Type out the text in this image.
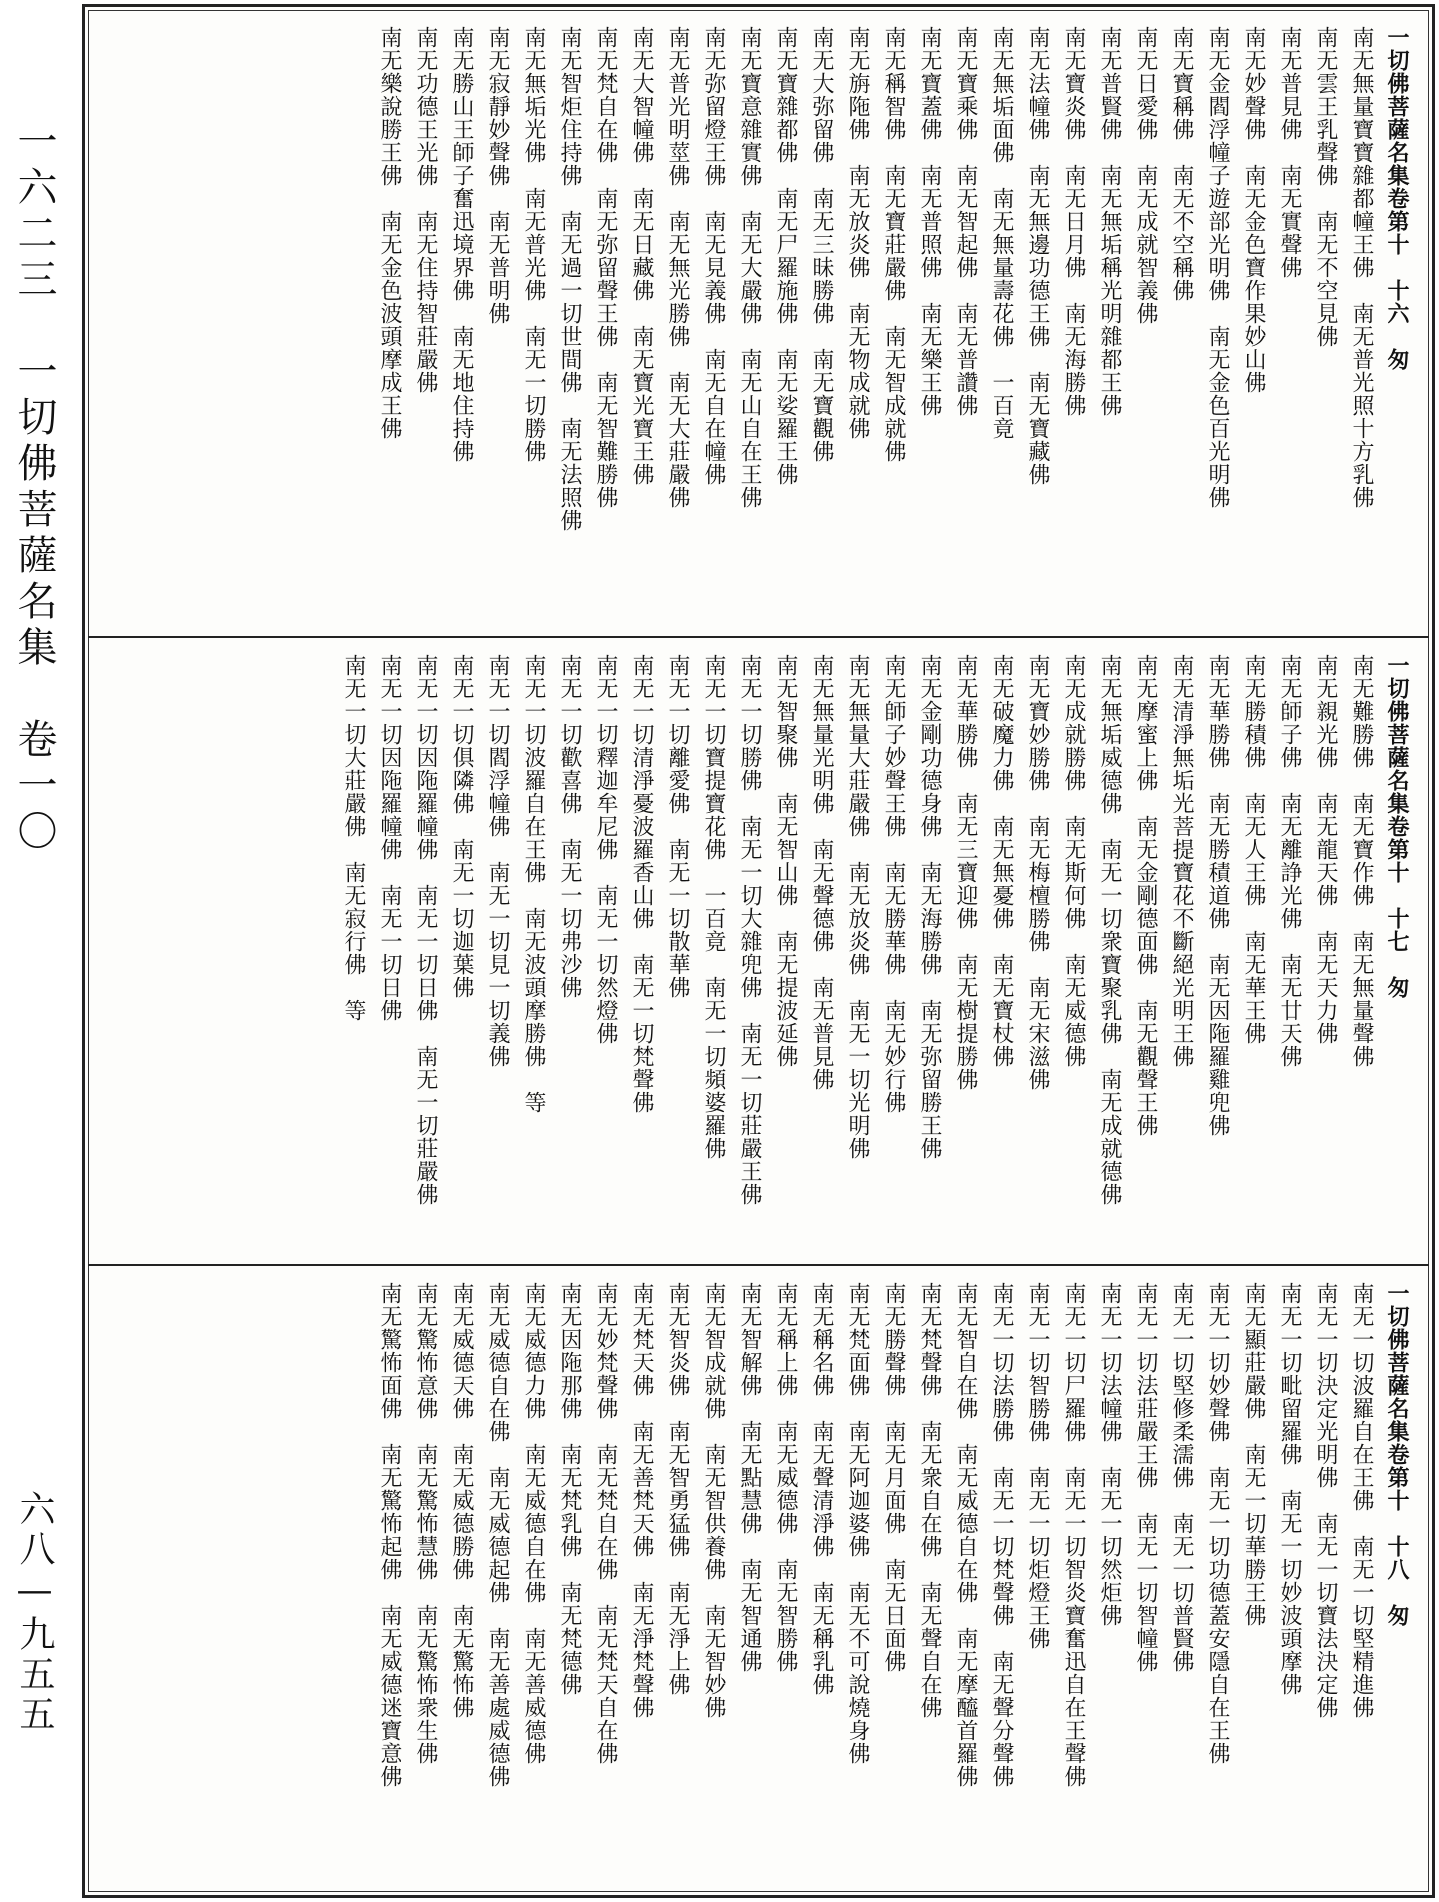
一六二三　一切佛菩薩名集　卷一〇
六八—九五五
一切佛菩薩名集卷第十　十六　匆
南无無量寶寶雜都幢王佛　南无普光照十方乳佛
南无雲王乳聲佛　南无不空見佛
南无普見佛　南无實聲佛
南无妙聲佛　南无金色寶作果妙山佛
南无金閻浮幢子遊部光明佛　南无金色百光明佛
南无寶稱佛　南无不空稱佛
南无日愛佛　南无成就智義佛
南无普賢佛　南无無垢稱光明雜都王佛
南无寶炎佛　南无日月佛　南无海勝佛
南无法幢佛　南无無邊功德王佛　南无寶藏佛
南无無垢面佛　南无無量壽花佛　一百竟
南无寶乘佛　南无智起佛　南无普讚佛
南无寶蓋佛　南无普照佛　南无樂王佛
南无稱智佛　南无寶莊嚴佛　南无智成就佛
南无旃陁佛　南无放炎佛　南无物成就佛
南无大弥留佛　南无三昧勝佛　南无寶觀佛
南无寶雜都佛　南无尸羅施佛　南无娑羅王佛
南无寶意雜實佛　南无大嚴佛　南无山自在王佛
南无弥留燈王佛　南无見義佛　南无自在幢佛
南无普光明莖佛　南无無光勝佛　南无大莊嚴佛
南无大智幢佛　南无日藏佛　南无寶光寶王佛
南无梵自在佛　南无弥留聲王佛　南无智難勝佛
南无智炬住持佛　南无過一切世間佛　南无法照佛
南无無垢光佛　南无普光佛　南无一切勝佛
南无寂靜妙聲佛　南无普明佛
南无勝山王師子奮迅境界佛　南无地住持佛
南无功德王光佛　南无住持智莊嚴佛
南无樂說勝王佛　南无金色波頭摩成王佛
一切佛菩薩名集卷第十　十七　匆
南无難勝佛　南无寶作佛　南无無量聲佛
南无親光佛　南无龍天佛　南无天力佛
南无師子佛　南无離諍光佛　南无廿天佛
南无勝積佛　南无人王佛　南无華王佛
南无華勝佛　南无勝積道佛　南无因陁羅雞兜佛
南无清淨無垢光菩提寶花不斷絕光明王佛
南无摩蜜上佛　南无金剛德面佛　南无觀聲王佛
南无無垢威德佛　南无一切衆寶聚乳佛　南无成就德佛
南无成就勝佛　南无斯何佛　南无威德佛
南无寶妙勝佛　南无梅檀勝佛　南无宋滋佛
南无破魔力佛　南无無憂佛　南无寶杖佛
南无華勝佛　南无三寶迎佛　南无樹提勝佛
南无金剛功德身佛　南无海勝佛　南无弥留勝王佛
南无師子妙聲王佛　南无勝華佛　南无妙行佛
南无無量大莊嚴佛　南无放炎佛　南无一切光明佛
南无無量光明佛　南无聲德佛　南无普見佛
南无智聚佛　南无智山佛　南无提波延佛
南无一切勝佛　南无一切大雜兜佛　南无一切莊嚴王佛
南无一切寶提寶花佛　一百竟　南无一切頻婆羅佛
南无一切離愛佛　南无一切散華佛
南无一切清淨憂波羅香山佛　南无一切梵聲佛
南无一切釋迦牟尼佛　南无一切然燈佛
南无一切歡喜佛　南无一切弗沙佛
南无一切波羅自在王佛　南无波頭摩勝佛　等
南无一切閻浮幢佛　南无一切見一切義佛
南无一切俱隣佛　南无一切迦葉佛
南无一切因陁羅幢佛　南无一切日佛　南无一切莊嚴佛
南无一切因陁羅幢佛　南无一切日佛
南无一切大莊嚴佛　南无寂行佛　等
一切佛菩薩名集卷第十　十八　匆
南无一切波羅自在王佛　南无一切堅精進佛
南无一切決定光明佛　南无一切寶法決定佛
南无一切毗留羅佛　南无一切妙波頭摩佛
南无顯莊嚴佛　南无一切華勝王佛
南无一切妙聲佛　南无一切功德蓋安隱自在王佛
南无一切堅修柔濡佛　南无一切普賢佛
南无一切法莊嚴王佛　南无一切智幢佛
南无一切法幢佛　南无一切然炬佛
南无一切尸羅佛　南无一切智炎寶奮迅自在王聲佛
南无一切智勝佛　南无一切炬燈王佛
南无一切法勝佛　南无一切梵聲佛　南无聲分聲佛
南无智自在佛　南无威德自在佛　南无摩醯首羅佛
南无梵聲佛　南无衆自在佛　南无聲自在佛
南无勝聲佛　南无月面佛　南无日面佛
南无梵面佛　南无阿迦婆佛　南无不可說燒身佛
南无稱名佛　南无聲清淨佛　南无稱乳佛
南无稱上佛　南无威德佛　南无智勝佛
南无智解佛　南无點慧佛　南无智通佛
南无智成就佛　南无智供養佛　南无智妙佛
南无智炎佛　南无智勇猛佛　南无淨上佛
南无梵天佛　南无善梵天佛　南无淨梵聲佛
南无妙梵聲佛　南无梵自在佛　南无梵天自在佛
南无因陁那佛　南无梵乳佛　南无梵德佛
南无威德力佛　南无威德自在佛　南无善威德佛
南无威德自在佛　南无威德起佛　南无善處威德佛
南无威德天佛　南无威德勝佛　南无驚怖佛
南无驚怖意佛　南无驚怖慧佛　南无驚怖衆生佛
南无驚怖面佛　南无驚怖起佛　南无威德迷寶意佛
